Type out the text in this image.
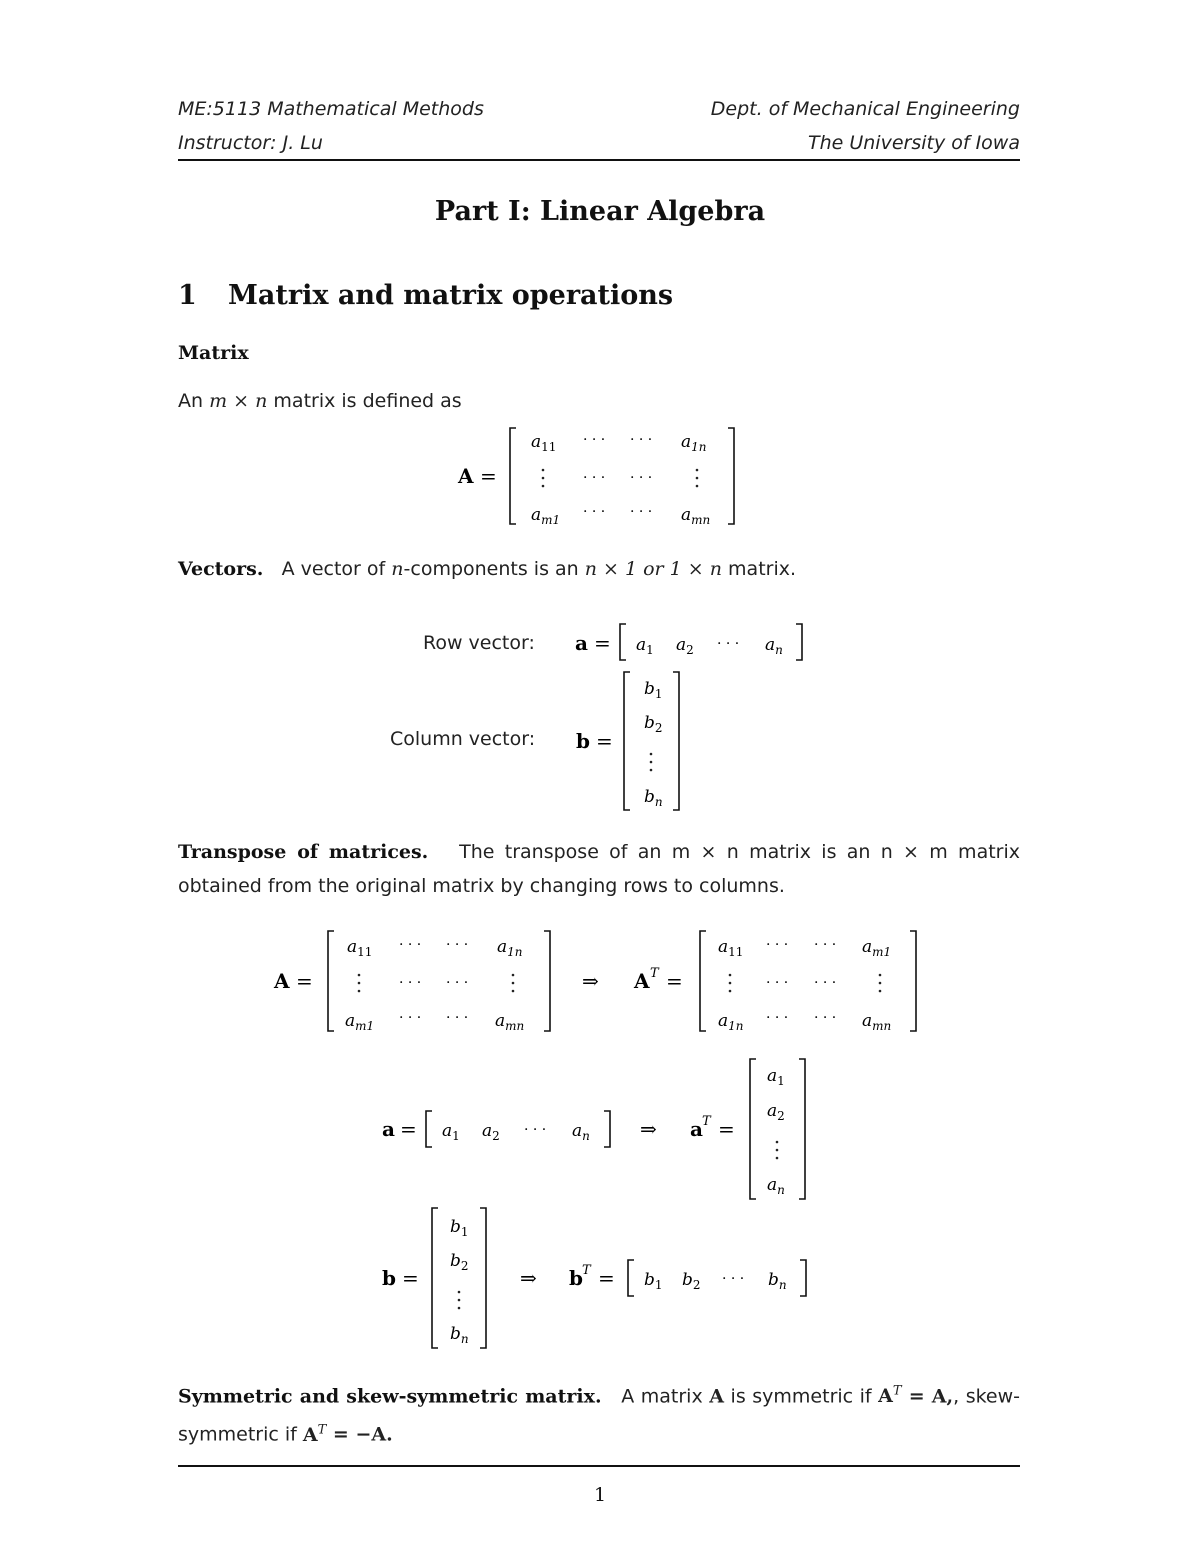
ME:5113 Mathematical Methods
Instructor: J. Lu
Dept. of Mechanical Engineering
The University of Iowa
Part I: Linear Algebra
1 Matrix and matrix operations
Matrix
An m × n matrix is defined as
A =
$a_{11}$	$a_{1n}$
$a_{m1}$	$a_{mn}$
· · · · · ·
· · · · · ·
· · · · · ·
Vectors. A vector of n-components is an n × 1 or 1 × n matrix.
Row vector: $a = a_1$ $a_2$	$a_n$
· · ·
Column vector: b =
$b_1$
$b_2$
$b_n$
Transpose of matrices. The transpose of an m × n matrix is an n × m matrix obtained from the original matrix by changing rows to columns.
A =
$a_{11}$	$a_{1n}$
$a_{m1}$	$a_{mn}$
· · · · · ·
· · · · · ·
· · · · · ·
⇒ A T =
$a_{11}$	$a_{m1}$
$a_{1n}$	$a_{mn}$
· · · · · ·
· · · · · ·
· · · · · ·
$a = a_1$ $a_2$	$a_n$
· · ·	⇒ a T =
$a_1$
$a_2$
$a_n$
b =
$b_1$
$b_2$
$b_n$
⇒ b $T = b_1$ $b_2$	$b_n$
· · ·
Symmetric and skew-symmetric matrix. A matrix A is symmetric if $A^T = A$,, skew-symmetric if $A^T = -A$.
1
